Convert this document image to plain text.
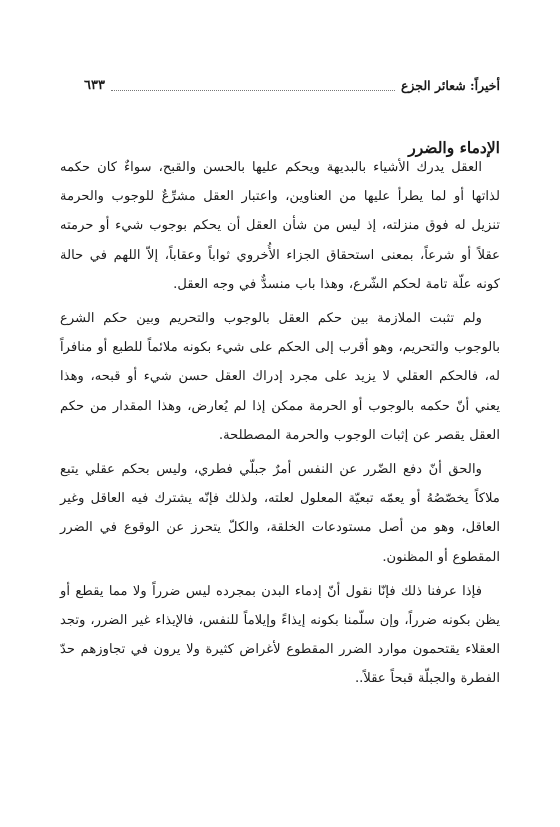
أخيراً: شعائر الجزع
٦٣٣
الإدماء والضرر

العقل يدرك الأشياء بالبديهة ويحكم عليها بالحسن والقبح، سواءٌ كان حكمه لذاتها أو لما يطرأ عليها من العناوين، واعتبار العقل مشرِّعٌ للوجوب والحرمة تنزيل له فوق منزلته، إذ ليس من شأن العقل أن يحكم بوجوب شيء أو حرمته عقلاً أو شرعاً، بمعنى استحقاق الجزاء الأُخروي ثواباً وعقاباً، إلاّ اللهم في حالة كونه علّة تامة لحكم الشّرع، وهذا باب منسدٌّ في وجه العقل.

ولم تثبت الملازمة بين حكم العقل بالوجوب والتحريم وبين حكم الشرع بالوجوب والتحريم، وهو أقرب إلى الحكم على شيء بكونه ملائماً للطبع أو منافراً له، فالحكم العقلي لا يزيد على مجرد إدراك العقل حسن شيء أو قبحه، وهذا يعني أنّ حكمه بالوجوب أو الحرمة ممكن إذا لم يُعارض، وهذا المقدار من حكم العقل يقصر عن إثبات الوجوب والحرمة المصطلحة.

والحق أنّ دفع الضّرر عن النفس أمرٌ جبلّي فطري، وليس بحكم عقلي يتبع ملاكاً يخصّصُهُ أو يعمّه تبعيّة المعلول لعلته، ولذلك فإنّه يشترك فيه العاقل وغير العاقل، وهو من أصل مستودعات الخلقة، والكلّ يتحرز عن الوقوع في الضرر المقطوع أو المظنون.

فإذا عرفنا ذلك فإنّا نقول أنّ إدماء البدن بمجرده ليس ضرراً ولا مما يقطع أو يظن بكونه ضرراً، وإن سلّمنا بكونه إيذاءً وإيلاماً للنفس، فالإيذاء غير الضرر، وتجد العقلاء يقتحمون موارد الضرر المقطوع لأغراض كثيرة ولا يرون في تجاوزهم حدّ الفطرة والجبلّة قبحاً عقلاً..
